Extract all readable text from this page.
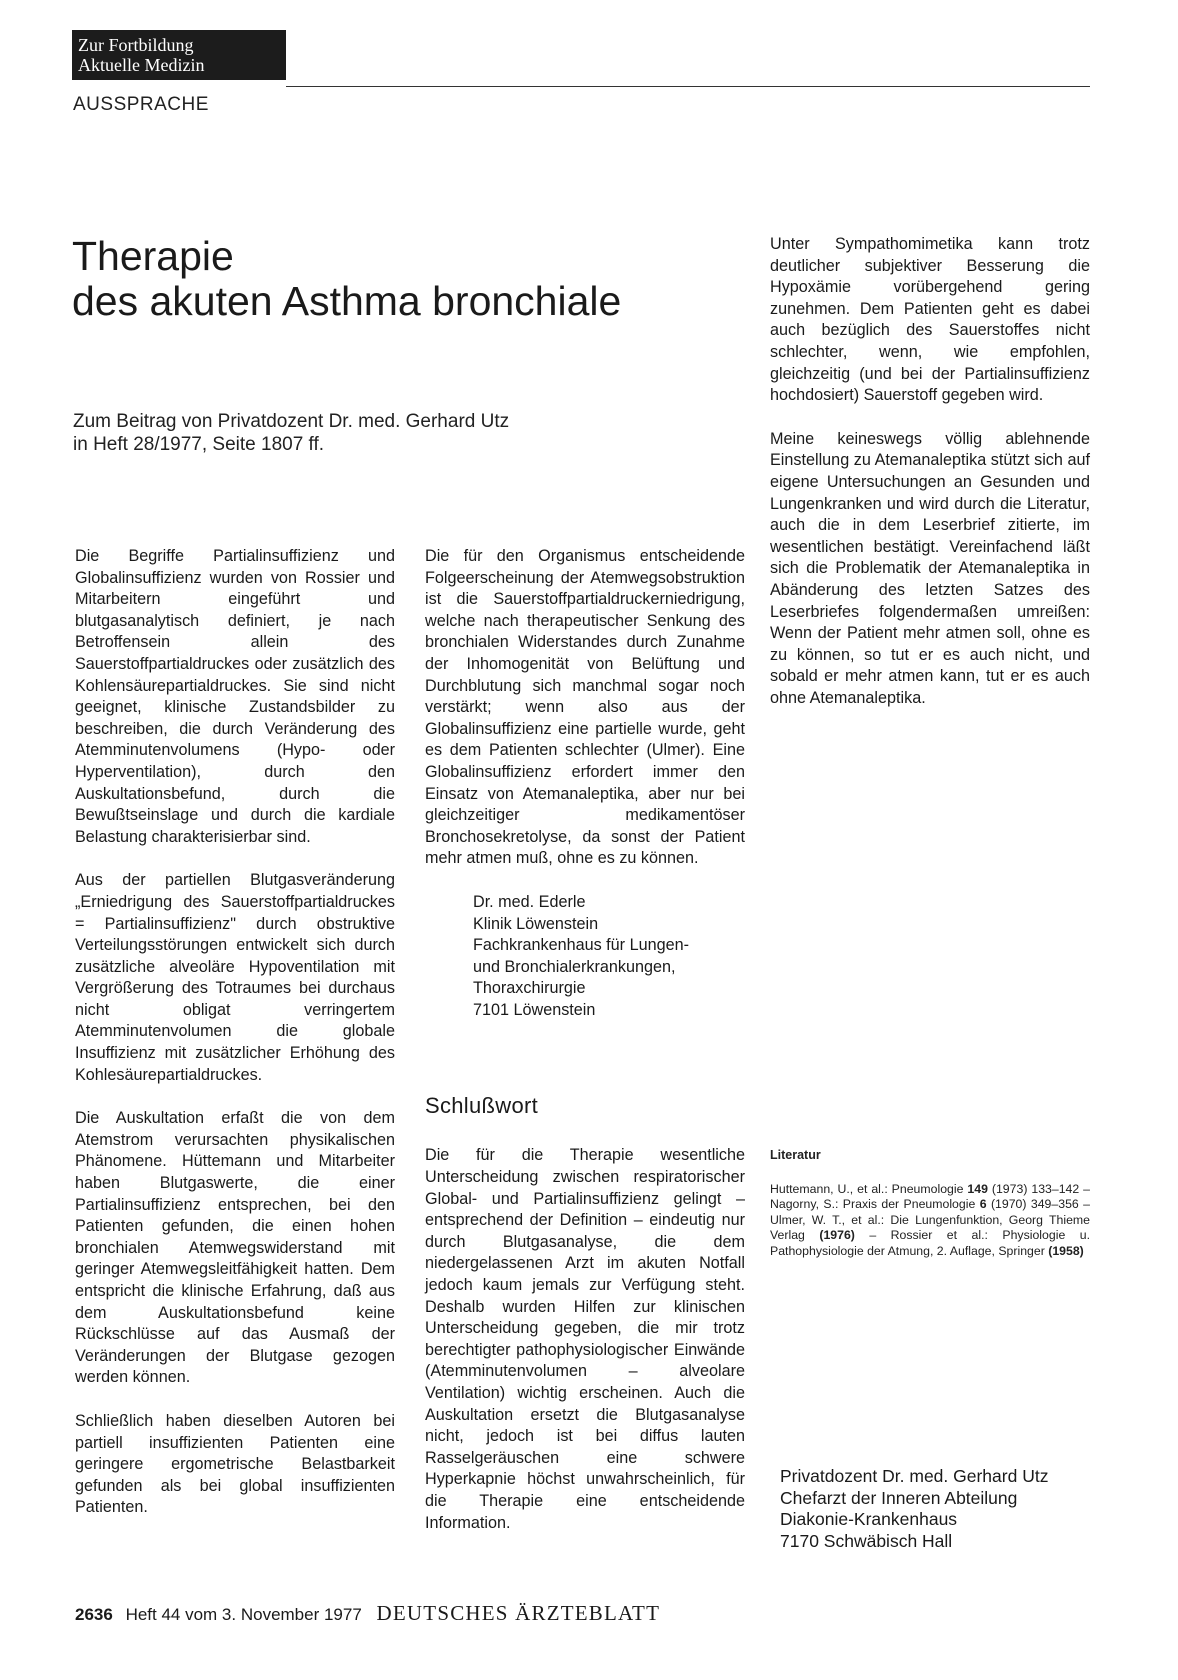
Zur Fortbildung
Aktuelle Medizin
AUSSPRACHE
Therapie
des akuten Asthma bronchiale
Zum Beitrag von Privatdozent Dr. med. Gerhard Utz
in Heft 28/1977, Seite 1807 ff.

Die Begriffe Partialinsuffizienz und Globalinsuffizienz wurden von Rossier und Mitarbeitern eingeführt und blutgasanalytisch definiert, je nach Betroffensein allein des Sauerstoffpartialdruckes oder zusätzlich des Kohlensäurepartialdruckes. Sie sind nicht geeignet, klinische Zustandsbilder zu beschreiben, die durch Veränderung des Atemminutenvolumens (Hypo- oder Hyperventilation), durch den Auskultationsbefund, durch die Bewußtseinslage und durch die kardiale Belastung charakterisierbar sind.

Aus der partiellen Blutgasveränderung „Erniedrigung des Sauerstoffpartialdruckes = Partialinsuffizienz" durch obstruktive Verteilungsstörungen entwickelt sich durch zusätzliche alveoläre Hypoventilation mit Vergrößerung des Totraumes bei durchaus nicht obligat verringertem Atemminutenvolumen die globale Insuffizienz mit zusätzlicher Erhöhung des Kohlesäurepartialdruckes.

Die Auskultation erfaßt die von dem Atemstrom verursachten physikalischen Phänomene. Hüttemann und Mitarbeiter haben Blutgaswerte, die einer Partialinsuffizienz entsprechen, bei den Patienten gefunden, die einen hohen bronchialen Atemwegswiderstand mit geringer Atemwegsleitfähigkeit hatten. Dem entspricht die klinische Erfahrung, daß aus dem Auskultationsbefund keine Rückschlüsse auf das Ausmaß der Veränderungen der Blutgase gezogen werden können.

Schließlich haben dieselben Autoren bei partiell insuffizienten Patienten eine geringere ergometrische Belastbarkeit gefunden als bei global insuffizienten Patienten.

Die für den Organismus entscheidende Folgeerscheinung der Atemwegsobstruktion ist die Sauerstoffpartialdruckerniedrigung, welche nach therapeutischer Senkung des bronchialen Widerstandes durch Zunahme der Inhomogenität von Belüftung und Durchblutung sich manchmal sogar noch verstärkt; wenn also aus der Globalinsuffizienz eine partielle wurde, geht es dem Patienten schlechter (Ulmer). Eine Globalinsuffizienz erfordert immer den Einsatz von Atemanaleptika, aber nur bei gleichzeitiger medikamentöser Bronchosekretolyse, da sonst der Patient mehr atmen muß, ohne es zu können.

Dr. med. Ederle
Klinik Löwenstein
Fachkrankenhaus für Lungen-
und Bronchialerkrankungen,
Thoraxchirurgie
7101 Löwenstein
Schlußwort

Die für die Therapie wesentliche Unterscheidung zwischen respiratorischer Global- und Partialinsuffizienz gelingt – entsprechend der Definition – eindeutig nur durch Blutgasanalyse, die dem niedergelassenen Arzt im akuten Notfall jedoch kaum jemals zur Verfügung steht. Deshalb wurden Hilfen zur klinischen Unterscheidung gegeben, die mir trotz berechtigter pathophysiologischer Einwände (Atemminutenvolumen – alveolare Ventilation) wichtig erscheinen. Auch die Auskultation ersetzt die Blutgasanalyse nicht, jedoch ist bei diffus lauten Rasselgeräuschen eine schwere Hyperkapnie höchst unwahrscheinlich, für die Therapie eine entscheidende Information.

Unter Sympathomimetika kann trotz deutlicher subjektiver Besserung die Hypoxämie vorübergehend gering zunehmen. Dem Patienten geht es dabei auch bezüglich des Sauerstoffes nicht schlechter, wenn, wie empfohlen, gleichzeitig (und bei der Partialinsuffizienz hochdosiert) Sauerstoff gegeben wird.

Meine keineswegs völlig ablehnende Einstellung zu Atemanaleptika stützt sich auf eigene Untersuchungen an Gesunden und Lungenkranken und wird durch die Literatur, auch die in dem Leserbrief zitierte, im wesentlichen bestätigt. Vereinfachend läßt sich die Problematik der Atemanaleptika in Abänderung des letzten Satzes des Leserbriefes folgendermaßen umreißen: Wenn der Patient mehr atmen soll, ohne es zu können, so tut er es auch nicht, und sobald er mehr atmen kann, tut er es auch ohne Atemanaleptika.

Literatur
Huttemann, U., et al.: Pneumologie 149 (1973) 133–142 – Nagorny, S.: Praxis der Pneumologie 6 (1970) 349–356 – Ulmer, W. T., et al.: Die Lungenfunktion, Georg Thieme Verlag (1976) – Rossier et al.: Physiologie u. Pathophysiologie der Atmung, 2. Auflage, Springer (1958)
Privatdozent Dr. med. Gerhard Utz
Chefarzt der Inneren Abteilung
Diakonie-Krankenhaus
7170 Schwäbisch Hall
2636 Heft 44 vom 3. November 1977 DEUTSCHES ÄRZTEBLATT
